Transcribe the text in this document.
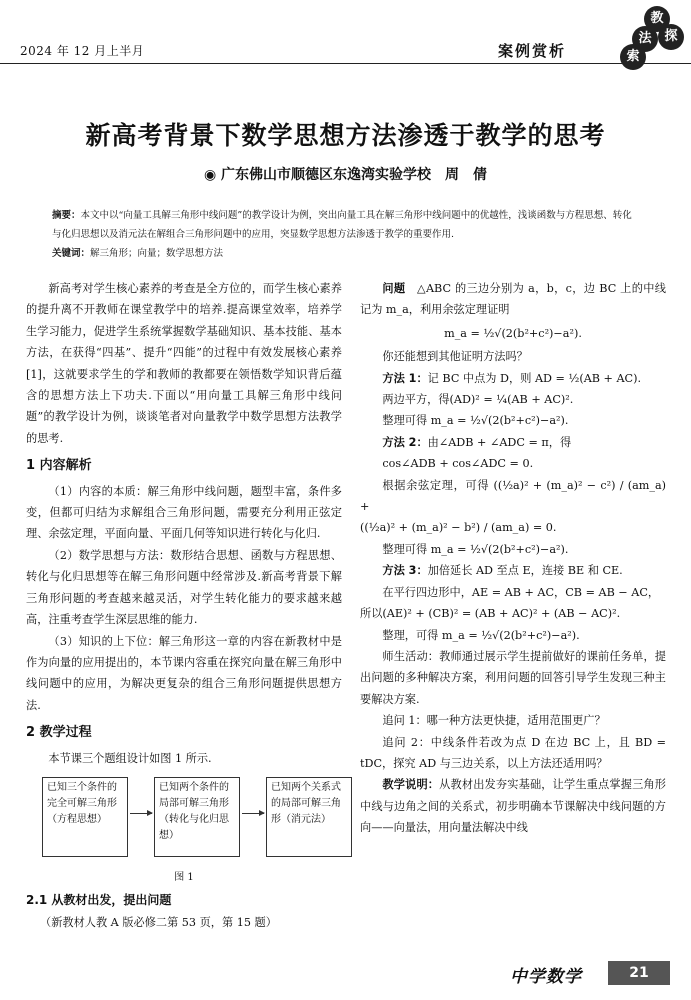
2024 年 12 月上半月	案例赏析
教
法 探
索
新高考背景下数学思想方法渗透于教学的思考
◉ 广东佛山市顺德区东逸湾实验学校　周　倩
摘要：本文中以“向量工具解三角形中线问题”的教学设计为例，突出向量工具在解三角形中线问题中的优越性，浅谈函数与方程思想、转化与化归思想以及消元法在解组合三角形问题中的应用，突显数学思想方法渗透于教学的重要作用.
关键词：解三角形；向量；数学思想方法

新高考对学生核心素养的考查是全方位的，而学生核心素养的提升离不开教师在课堂教学中的培养.提高课堂效率，培养学生学习能力，促进学生系统掌握数学基础知识、基本技能、基本方法，在获得“四基”、提升“四能”的过程中有效发展核心素养[1]，这就要求学生的学和教师的教都要在领悟数学知识背后蕴含的思想方法上下功夫.下面以“用向量工具解三角形中线问题”的教学设计为例，谈谈笔者对向量教学中数学思想方法教学的思考.

1 内容解析

（1）内容的本质：解三角形中线问题，题型丰富，条件多变，但都可归结为求解组合三角形问题，需要充分利用正弦定理、余弦定理，平面向量、平面几何等知识进行转化与化归.

（2）数学思想与方法：数形结合思想、函数与方程思想、转化与化归思想等在解三角形问题中经常涉及.新高考背景下解三角形问题的考查越来越灵活，对学生转化能力的要求越来越高，注重考查学生深层思维的能力.

（3）知识的上下位：解三角形这一章的内容在新教材中是作为向量的应用提出的，本节课内容重在探究向量在解三角形中线问题中的应用，为解决更复杂的组合三角形问题提供思想方法.

2 教学过程

本节课三个题组设计如图 1 所示.

已知三个条件的完全可解三角形（方程思想）
已知两个条件的局部可解三角形（转化与化归思想）
已知两个关系式的局部可解三角形（消元法）
图 1
2.1 从教材出发，提出问题

（新教材人教 A 版必修二第 53 页，第 15 题）

问题　 △ABC 的三边分别为 a，b，c，边 BC 上的中线记为 m_a，利用余弦定理证明

m_a = ½√(2(b²+c²)−a²).

你还能想到其他证明方法吗？

方法 1：记 BC 中点为 D，则 AD = ½(AB + AC).

两边平方，得(AD)² = ¼(AB + AC)².

整理可得 m_a = ½√(2(b²+c²)−a²).

方法 2：由∠ADB + ∠ADC = π，得

cos∠ADB + cos∠ADC = 0.

根据余弦定理，可得 ((½a)² + (m_a)² − c²) / (am_a) +

((½a)² + (m_a)² − b²) / (am_a) = 0.

整理可得 m_a = ½√(2(b²+c²)−a²).

方法 3：加倍延长 AD 至点 E，连接 BE 和 CE.

在平行四边形中，AE = AB + AC，CB = AB − AC，

所以(AE)² + (CB)² = (AB + AC)² + (AB − AC)².

整理，可得 m_a = ½√(2(b²+c²)−a²).

师生活动：教师通过展示学生提前做好的课前任务单，提出问题的多种解决方案，利用问题的回答引导学生发现三种主要解决方案.

追问 1：哪一种方法更快捷，适用范围更广？

追问 2：中线条件若改为点 D 在边 BC 上，且 BD = tDC，探究 AD 与三边关系，以上方法还适用吗？

教学说明：从教材出发夯实基础，让学生重点掌握三角形中线与边角之间的关系式，初步明确本节课解决中线问题的方向——向量法，用向量法解决中线

中学数学	21
